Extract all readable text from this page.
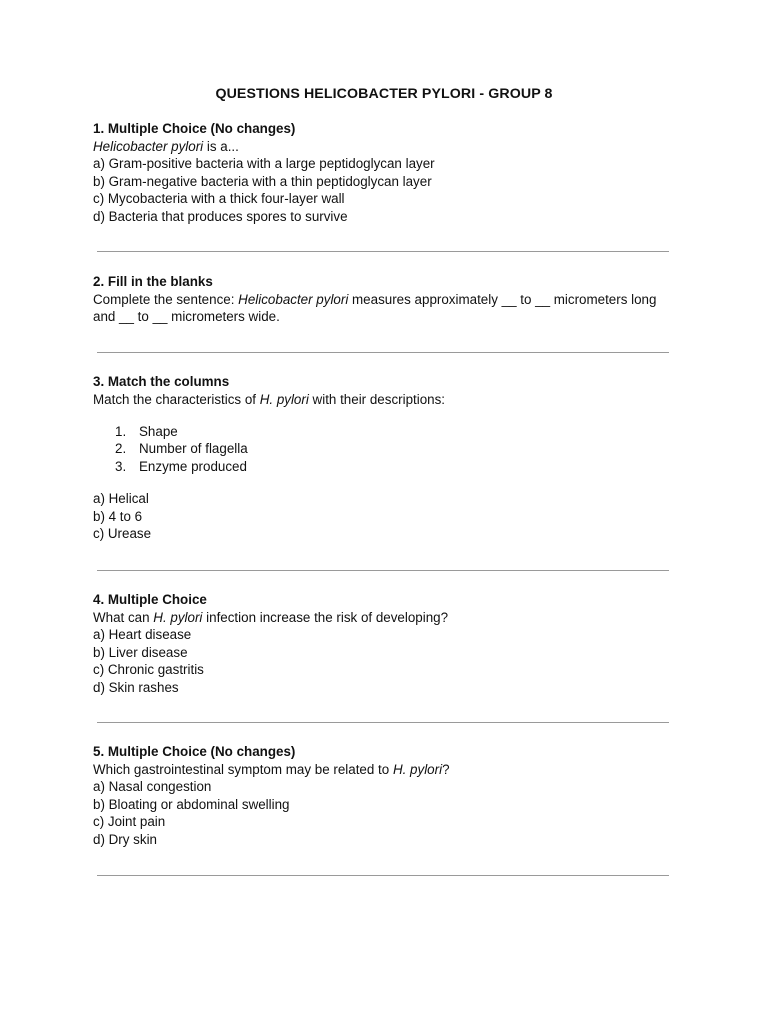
QUESTIONS HELICOBACTER PYLORI - GROUP 8
1. Multiple Choice (No changes)
Helicobacter pylori is a...
a) Gram-positive bacteria with a large peptidoglycan layer
b) Gram-negative bacteria with a thin peptidoglycan layer
c) Mycobacteria with a thick four-layer wall
d) Bacteria that produces spores to survive
2. Fill in the blanks
Complete the sentence: Helicobacter pylori measures approximately __ to __ micrometers long and __ to __ micrometers wide.
3. Match the columns
Match the characteristics of H. pylori with their descriptions:
1. Shape
2. Number of flagella
3. Enzyme produced
a) Helical
b) 4 to 6
c) Urease
4. Multiple Choice
What can H. pylori infection increase the risk of developing?
a) Heart disease
b) Liver disease
c) Chronic gastritis
d) Skin rashes
5. Multiple Choice (No changes)
Which gastrointestinal symptom may be related to H. pylori?
a) Nasal congestion
b) Bloating or abdominal swelling
c) Joint pain
d) Dry skin
